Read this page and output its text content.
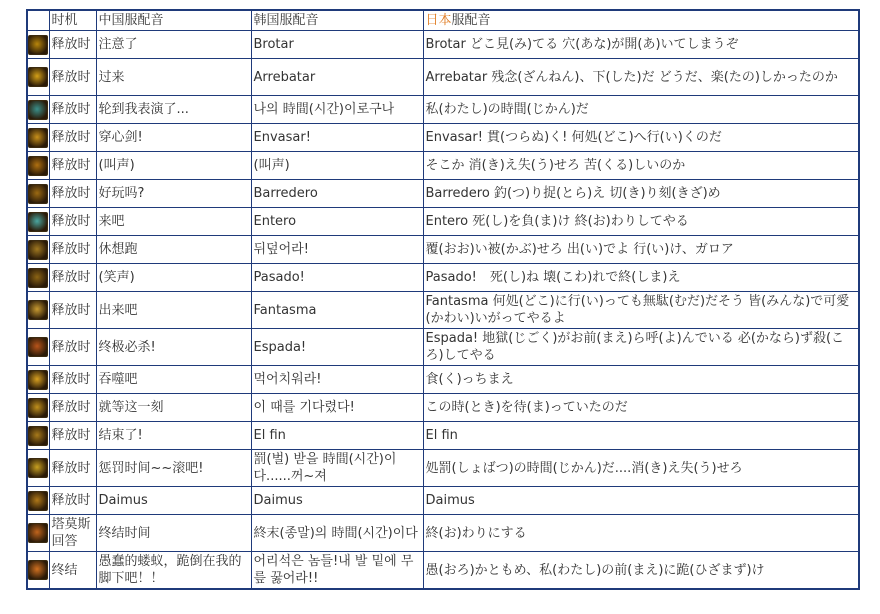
	时机	中国服配音	韩国服配音	日本服配音
	释放时	注意了	Brotar	Brotar どこ見(み)てる 穴(あな)が開(あ)いてしまうぞ
	释放时	过来	Arrebatar	Arrebatar 残念(ざんねん)、下(した)だ どうだ、楽(たの)しかったのか
	释放时	轮到我表演了...	나의 時間(시간)이로구나	私(わたし)の時間(じかん)だ
	释放时	穿心剑!	Envasar!	Envasar! 貫(つらぬ)く! 何処(どこ)へ行(い)くのだ
	释放时	(叫声)	(叫声)	そこか 消(き)え失(う)せろ 苦(くる)しいのか
	释放时	好玩吗?	Barredero	Barredero 釣(つ)り捉(とら)え 切(き)り刻(きざ)め
	释放时	来吧	Entero	Entero 死(し)を負(ま)け 終(お)わりしてやる
	释放时	休想跑	뒤덮어라!	覆(おお)い被(かぶ)せろ 出(い)でよ 行(い)け、ガロア
	释放时	(笑声)	Pasado!	Pasado!　死(し)ね 壊(こわ)れで終(しま)え
	释放时	出来吧	Fantasma	Fantasma 何処(どこ)に行(い)っても無駄(むだ)だそう 皆(みんな)で可愛(かわい)いがってやるよ
	释放时	终极必杀!	Espada!	Espada! 地獄(じごく)がお前(まえ)ら呼(よ)んでいる 必(かなら)ず殺(ころ)してやる
	释放时	吞噬吧	먹어치워라!	食(く)っちまえ
	释放时	就等这一刻	이 때를 기다렸다!	この時(とき)を待(ま)っていたのだ
	释放时	结束了!	El fin	El fin
	释放时	惩罚时间~~滚吧!	罰(벌) 받을 時間(시간)이다......꺼~져	処罰(しょばつ)の時間(じかん)だ....消(き)え失(う)せろ
	释放时	Daimus	Daimus	Daimus
	塔莫斯回答	终结时间	終末(종말)의 時間(시간)이다	終(お)わりにする
	终结	愚蠢的蝼蚁，跪倒在我的脚下吧！！	어리석은 놈들!내 발 밑에 무릎 꿇어라!!	愚(おろ)かともめ、私(わたし)の前(まえ)に跪(ひざまず)け
